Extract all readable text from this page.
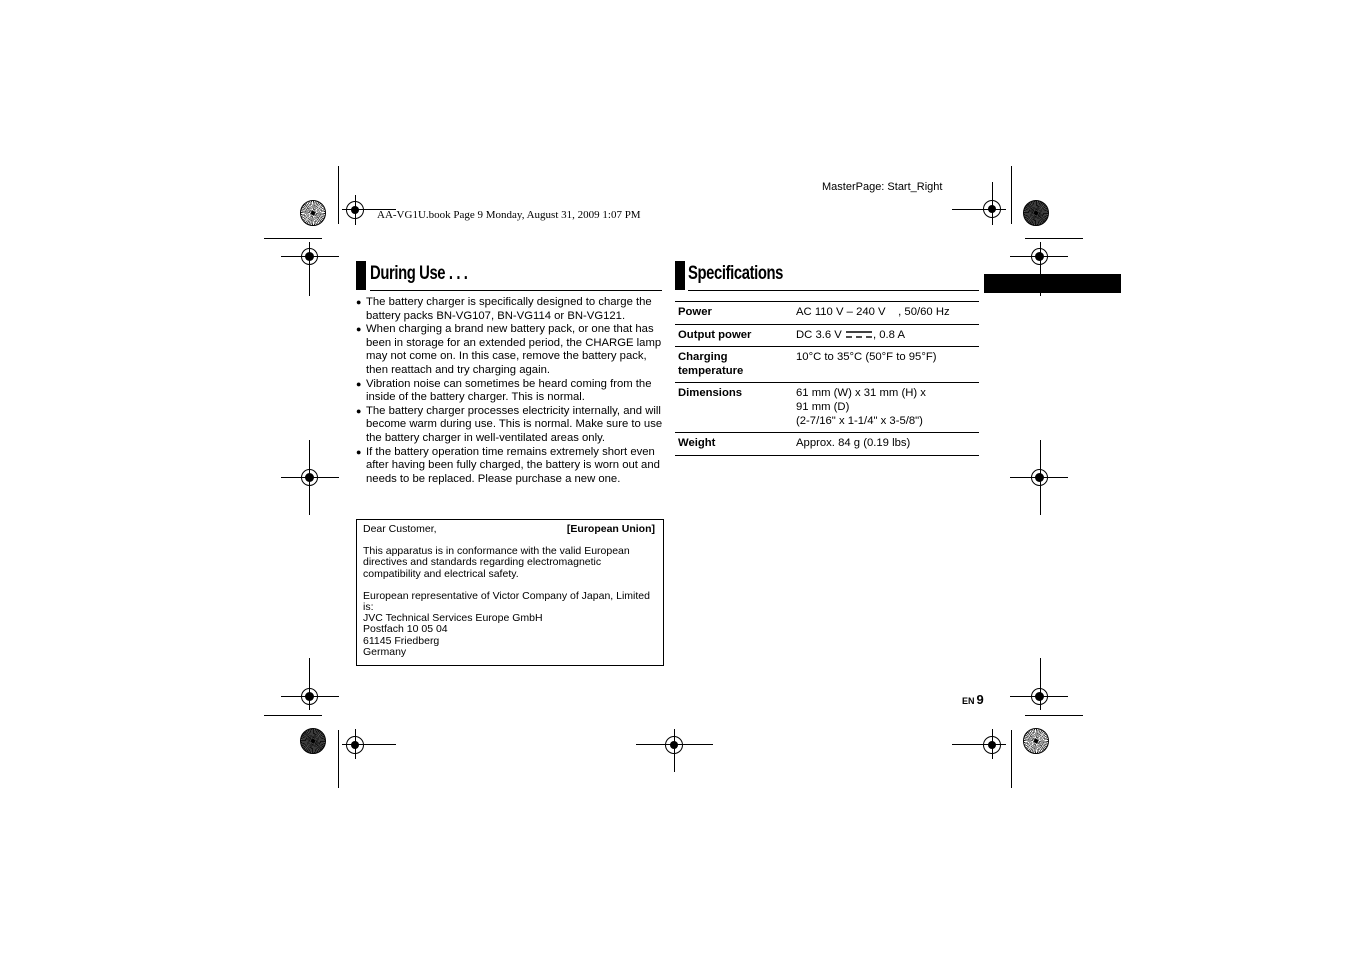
AA-VG1U.book Page 9 Monday, August 31, 2009 1:07 PM
MasterPage: Start_Right
During Use . . .
● The battery charger is specifically designed to charge the battery packs BN-VG107, BN-VG114 or BN-VG121.
● When charging a brand new battery pack, or one that has been in storage for an extended period, the CHARGE lamp may not come on. In this case, remove the battery pack, then reattach and try charging again.
● Vibration noise can sometimes be heard coming from the inside of the battery charger. This is normal.
● The battery charger processes electricity internally, and will become warm during use. This is normal. Make sure to use the battery charger in well-ventilated areas only.
● If the battery operation time remains extremely short even after having been fully charged, the battery is worn out and needs to be replaced. Please purchase a new one.
Dear Customer,	[European Union]
This apparatus is in conformance with the valid European directives and standards regarding electromagnetic compatibility and electrical safety.
European representative of Victor Company of Japan, Limited is:
JVC Technical Services Europe GmbH
Postfach 10 05 04
61145 Friedberg
Germany
Specifications
Power	AC 110 V – 240 V    , 50/60 Hz
Output power	DC 3.6 V , 0.8 A
Charging
temperature	10°C to 35°C (50°F to 95°F)
Dimensions	61 mm (W) x 31 mm (H) x
91 mm (D)
(2-7/16" x 1-1/4" x 3-5/8")
Weight	Approx. 84 g (0.19 lbs)
EN 9
